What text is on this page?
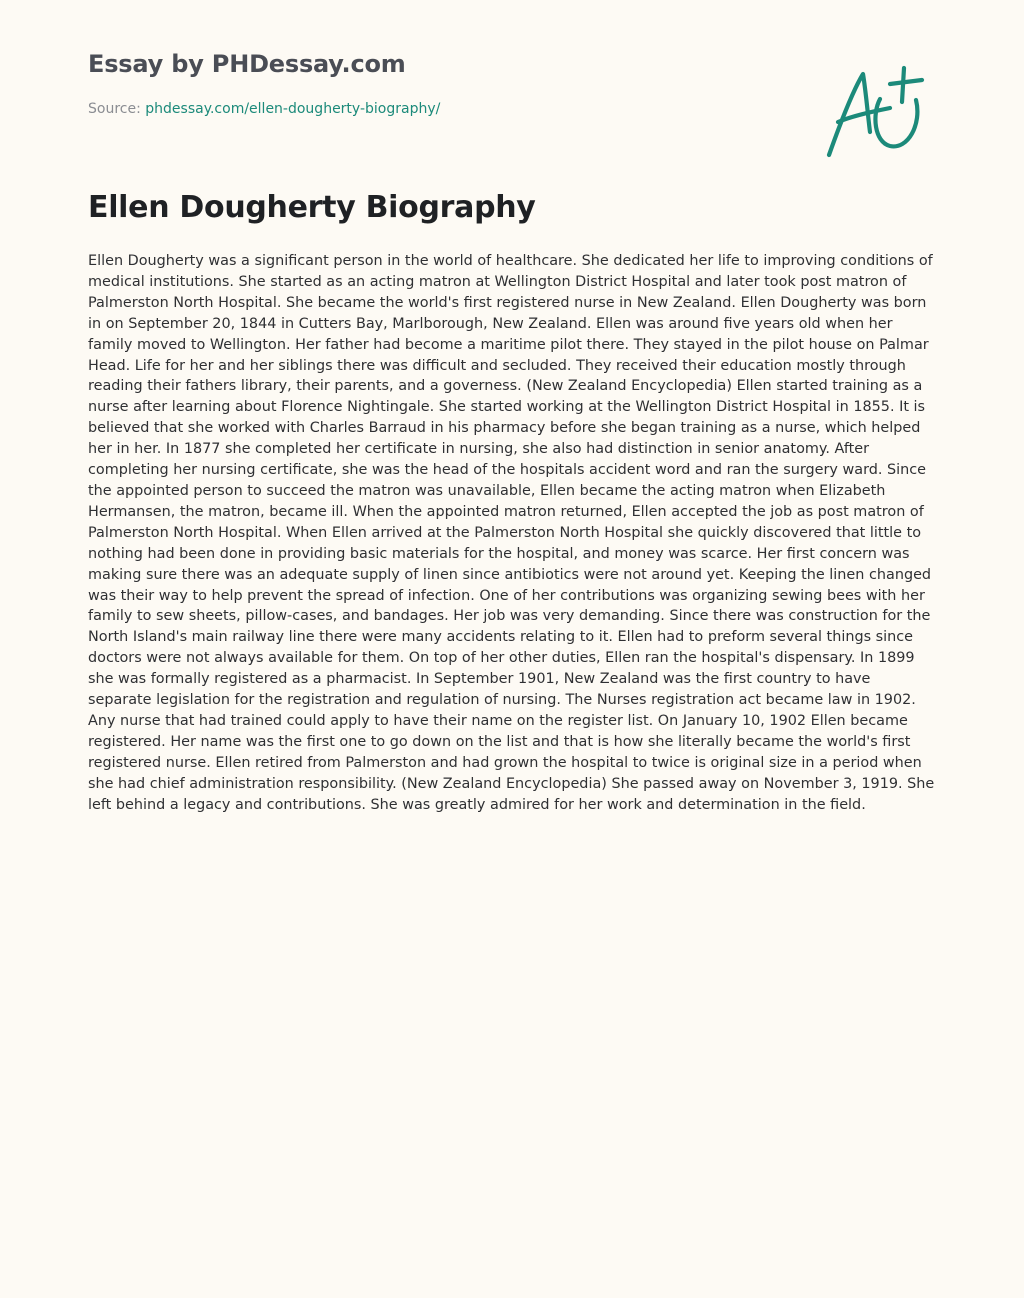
Essay by PHDessay.com
Source: phdessay.com/ellen-dougherty-biography/
Ellen Dougherty Biography

Ellen Dougherty was a significant person in the world of healthcare. She dedicated her life to improving conditions of medical institutions. She started as an acting matron at Wellington District Hospital and later took post matron of Palmerston North Hospital. She became the world's first registered nurse in New Zealand. Ellen Dougherty was born in on September 20, 1844 in Cutters Bay, Marlborough, New Zealand. Ellen was around five years old when her family moved to Wellington. Her father had become a maritime pilot there. They stayed in the pilot house on Palmar Head. Life for her and her siblings there was difficult and secluded. They received their education mostly through reading their fathers library, their parents, and a governess. (New Zealand Encyclopedia) Ellen started training as a nurse after learning about Florence Nightingale. She started working at the Wellington District Hospital in 1855. It is believed that she worked with Charles Barraud in his pharmacy before she began training as a nurse, which helped her in her. In 1877 she completed her certificate in nursing, she also had distinction in senior anatomy. After completing her nursing certificate, she was the head of the hospitals accident word and ran the surgery ward. Since the appointed person to succeed the matron was unavailable, Ellen became the acting matron when Elizabeth Hermansen, the matron, became ill. When the appointed matron returned, Ellen accepted the job as post matron of Palmerston North Hospital. When Ellen arrived at the Palmerston North Hospital she quickly discovered that little to nothing had been done in providing basic materials for the hospital, and money was scarce. Her first concern was making sure there was an adequate supply of linen since antibiotics were not around yet. Keeping the linen changed was their way to help prevent the spread of infection. One of her contributions was organizing sewing bees with her family to sew sheets, pillow-cases, and bandages. Her job was very demanding. Since there was construction for the North Island's main railway line there were many accidents relating to it. Ellen had to preform several things since doctors were not always available for them. On top of her other duties, Ellen ran the hospital's dispensary. In 1899 she was formally registered as a pharmacist. In September 1901, New Zealand was the first country to have separate legislation for the registration and regulation of nursing. The Nurses registration act became law in 1902. Any nurse that had trained could apply to have their name on the register list. On January 10, 1902 Ellen became registered. Her name was the first one to go down on the list and that is how she literally became the world's first registered nurse. Ellen retired from Palmerston and had grown the hospital to twice is original size in a period when she had chief administration responsibility. (New Zealand Encyclopedia) She passed away on November 3, 1919. She left behind a legacy and contributions. She was greatly admired for her work and determination in the field.
